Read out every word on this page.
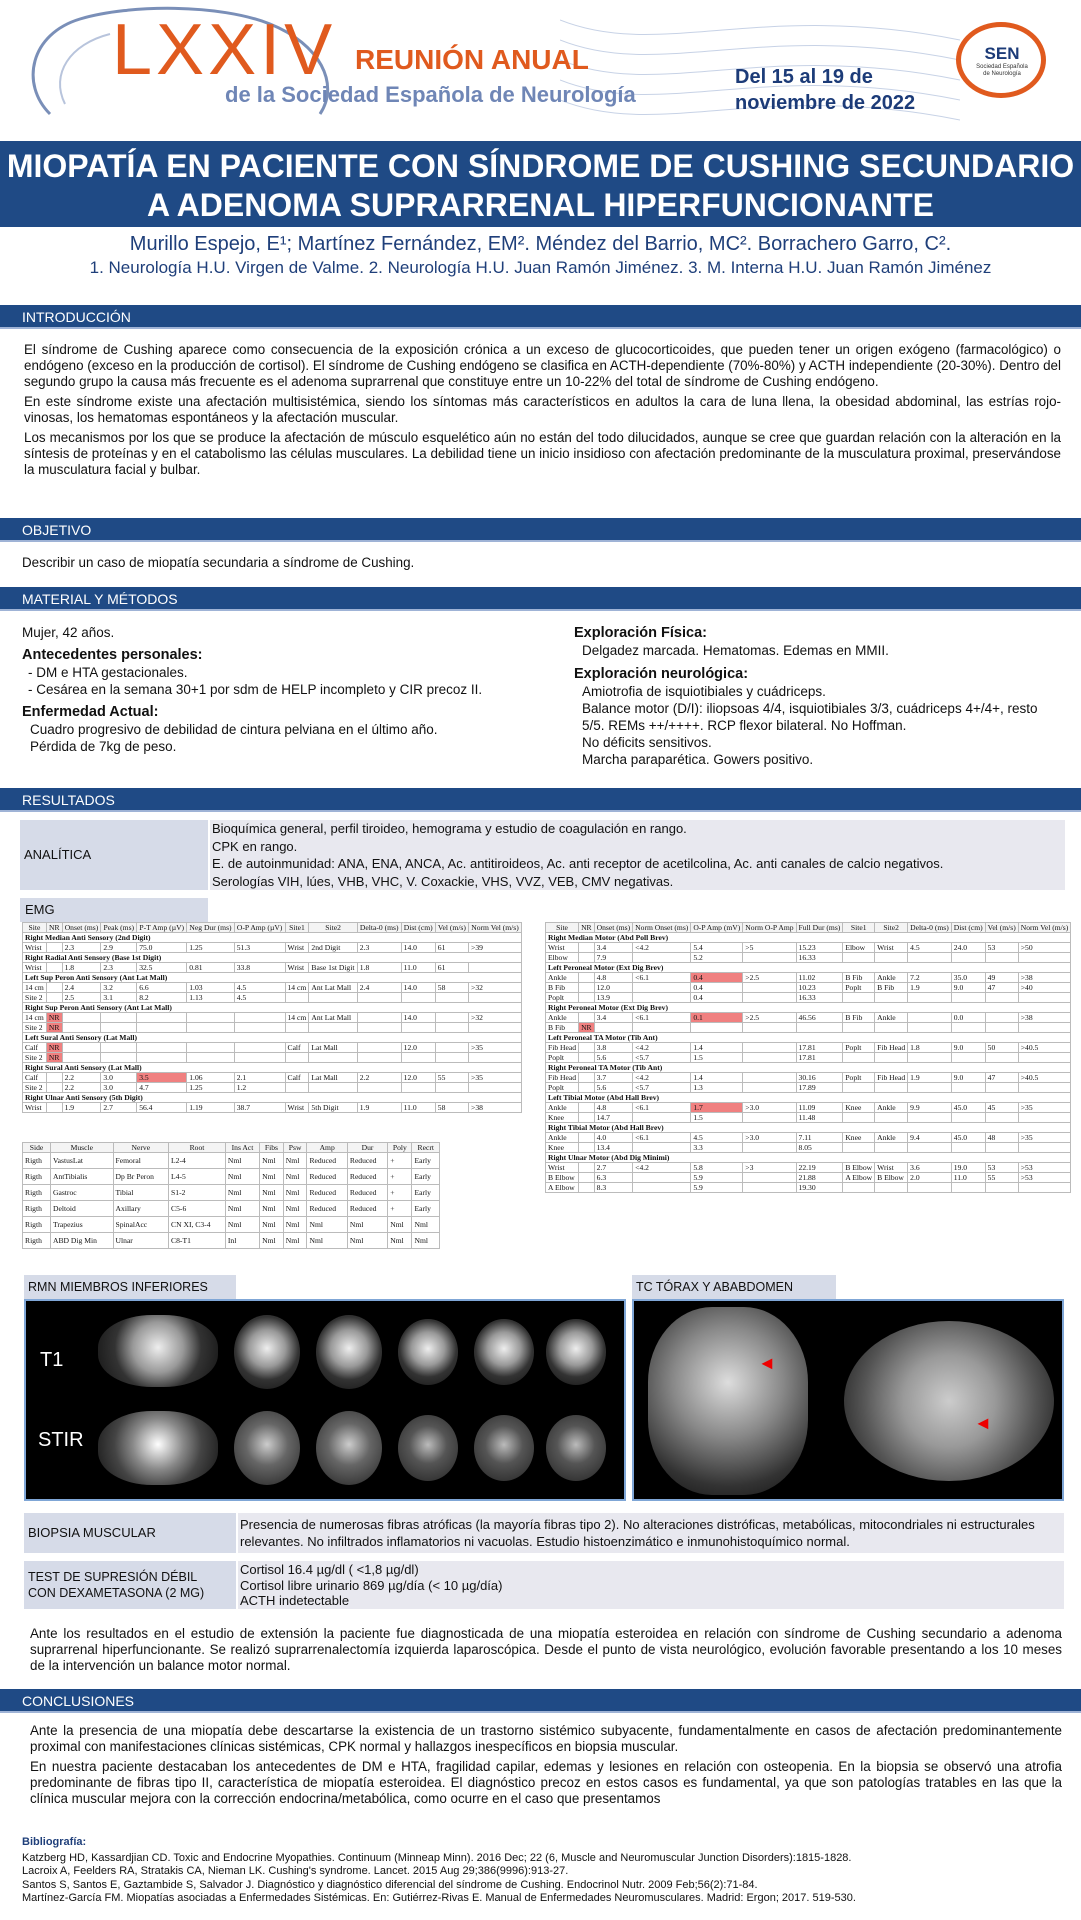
LXXIV REUNIÓN ANUAL
de la Sociedad Española de Neurología
Del 15 al 19 de
noviembre de 2022
SEN
Sociedad Española
de Neurología
MIOPATÍA EN PACIENTE CON SÍNDROME DE CUSHING SECUNDARIO
A ADENOMA SUPRARRENAL HIPERFUNCIONANTE
Murillo Espejo, E¹; Martínez Fernández, EM². Méndez del Barrio, MC². Borrachero Garro, C².
1. Neurología H.U. Virgen de Valme. 2. Neurología H.U. Juan Ramón Jiménez. 3. M. Interna H.U. Juan Ramón Jiménez
INTRODUCCIÓN

El síndrome de Cushing aparece como consecuencia de la exposición crónica a un exceso de glucocorticoides, que pueden tener un origen exógeno (farmacológico) o endógeno (exceso en la producción de cortisol). El síndrome de Cushing endógeno se clasifica en ACTH-dependiente (70%-80%) y ACTH independiente (20-30%). Dentro del segundo grupo la causa más frecuente es el adenoma suprarrenal que constituye entre un 10-22% del total de síndrome de Cushing endógeno.

En este síndrome existe una afectación multisistémica, siendo los síntomas más característicos en adultos la cara de luna llena, la obesidad abdominal, las estrías rojo-vinosas, los hematomas espontáneos y la afectación muscular.

Los mecanismos por los que se produce la afectación de músculo esquelético aún no están del todo dilucidados, aunque se cree que guardan relación con la alteración en la síntesis de proteínas y en el catabolismo las células musculares. La debilidad tiene un inicio insidioso con afectación predominante de la musculatura proximal, preservándose la musculatura facial y bulbar.

OBJETIVO
Describir un caso de miopatía secundaria a síndrome de Cushing.
MATERIAL Y MÉTODOS
Mujer, 42 años.
Antecedentes personales:
- DM e HTA gestacionales.
- Cesárea en la semana 30+1 por sdm de HELP incompleto y CIR precoz II.
Enfermedad Actual:
Cuadro progresivo de debilidad de cintura pelviana en el último año.
Pérdida de 7kg de peso.
Exploración Física:
Delgadez marcada. Hematomas. Edemas en MMII.
Exploración neurológica:
Amiotrofia de isquiotibiales y cuádriceps.
Balance motor (D/I): iliopsoas 4/4, isquiotibiales 3/3, cuádriceps 4+/4+, resto 5/5. REMs ++/++++. RCP flexor bilateral. No Hoffman.
No déficits sensitivos.
Marcha paraparética. Gowers positivo.
RESULTADOS
ANALÍTICA
Bioquímica general, perfil tiroideo, hemograma y estudio de coagulación en rango.
CPK en rango.
E. de autoinmunidad: ANA, ENA, ANCA, Ac. antitiroideos, Ac. anti receptor de acetilcolina, Ac. anti canales de calcio negativos.
Serologías VIH, lúes, VHB, VHC, V. Coxackie, VHS, VVZ, VEB, CMV negativas.
EMG
Site	NR	Onset (ms)	Peak (ms)	P-T Amp (µV)	Neg Dur (ms)	O-P Amp (µV)	Site1	Site2	Delta-0 (ms)	Dist (cm)	Vel (m/s)	Norm Vel (m/s)
Right Median Anti Sensory (2nd Digit)												
Wrist		2.3	2.9	75.0	1.25	51.3	Wrist	2nd Digit	2.3	14.0	61	>39
Right Radial Anti Sensory (Base 1st Digit)												
Wrist		1.8	2.3	32.5	0.81	33.8	Wrist	Base 1st Digit	1.8	11.0	61	
Left Sup Peron Anti Sensory (Ant Lat Mall)												
14 cm		2.4	3.2	6.6	1.03	4.5	14 cm	Ant Lat Mall	2.4	14.0	58	>32
Site 2		2.5	3.1	8.2	1.13	4.5						
Right Sup Peron Anti Sensory (Ant Lat Mall)												
14 cm	NR						14 cm	Ant Lat Mall		14.0		>32
Site 2	NR											
Left Sural Anti Sensory (Lat Mall)												
Calf	NR						Calf	Lat Mall		12.0		>35
Site 2	NR											
Right Sural Anti Sensory (Lat Mall)												
Calf		2.2	3.0	3.5	1.06	2.1	Calf	Lat Mall	2.2	12.0	55	>35
Site 2		2.2	3.0	4.7	1.25	1.2						
Right Ulnar Anti Sensory (5th Digit)												
Wrist		1.9	2.7	56.4	1.19	38.7	Wrist	5th Digit	1.9	11.0	58	>38
Side	Muscle	Nerve	Root	Ins Act	Fibs	Psw	Amp	Dur	Poly	Recrt
Rigth	VastusLat	Femoral	L2-4	Nml	Nml	Nml	Reduced	Reduced	+	Early
Rigth	AntTibialis	Dp Br Peron	L4-5	Nml	Nml	Nml	Reduced	Reduced	+	Early
Rigth	Gastroc	Tibial	S1-2	Nml	Nml	Nml	Reduced	Reduced	+	Early
Rigth	Deltoid	Axillary	C5-6	Nml	Nml	Nml	Reduced	Reduced	+	Early
Rigth	Trapezius	SpinalAcc	CN XI, C3-4	Nml	Nml	Nml	Nml	Nml	Nml	Nml
Rigth	ABD Dig Min	Ulnar	C8-T1	Inl	Nml	Nml	Nml	Nml	Nml	Nml
Site	NR	Onset (ms)	Norm Onset (ms)	O-P Amp (mV)	Norm O-P Amp	Full Dur (ms)	Site1	Site2	Delta-0 (ms)	Dist (cm)	Vel (m/s)	Norm Vel (m/s)
Right Median Motor (Abd Poll Brev)												
Wrist		3.4	<4.2	5.4	>5	15.23	Elbow	Wrist	4.5	24.0	53	>50
Elbow		7.9		5.2		16.33						
Left Peroneal Motor (Ext Dig Brev)												
Ankle		4.8	<6.1	0.4	>2.5	11.02	B Fib	Ankle	7.2	35.0	49	>38
B Fib		12.0		0.4		10.23	Poplt	B Fib	1.9	9.0	47	>40
Poplt		13.9		0.4		16.33						
Right Peroneal Motor (Ext Dig Brev)												
Ankle		3.4	<6.1	0.1	>2.5	46.56	B Fib	Ankle		0.0		>38
B Fib	NR											
Left Peroneal TA Motor (Tib Ant)												
Fib Head		3.8	<4.2	1.4		17.81	Poplt	Fib Head	1.8	9.0	50	>40.5
Poplt		5.6	<5.7	1.5		17.81						
Right Peroneal TA Motor (Tib Ant)												
Fib Head		3.7	<4.2	1.4		30.16	Poplt	Fib Head	1.9	9.0	47	>40.5
Poplt		5.6	<5.7	1.3		17.89						
Left Tibial Motor (Abd Hall Brev)												
Ankle		4.8	<6.1	1.7	>3.0	11.09	Knee	Ankle	9.9	45.0	45	>35
Knee		14.7		1.5		11.48						
Right Tibial Motor (Abd Hall Brev)												
Ankle		4.0	<6.1	4.5	>3.0	7.11	Knee	Ankle	9.4	45.0	48	>35
Knee		13.4		3.3		8.05						
Right Ulnar Motor (Abd Dig Minimi)												
Wrist		2.7	<4.2	5.8	>3	22.19	B Elbow	Wrist	3.6	19.0	53	>53
B Elbow		6.3		5.9		21.88	A Elbow	B Elbow	2.0	11.0	55	>53
A Elbow		8.3		5.9		19.30						
RMN MIEMBROS INFERIORES	TC TÓRAX Y ABABDOMEN
T1
STIR
◄
◄
BIOPSIA MUSCULAR
Presencia de numerosas fibras atróficas (la mayoría fibras tipo 2). No alteraciones distróficas, metabólicas, mitocondriales ni estructurales relevantes. No infiltrados inflamatorios ni vacuolas. Estudio histoenzimático e inmunohistoquímico normal.
TEST DE SUPRESIÓN DÉBIL
CON DEXAMETASONA (2 MG)
Cortisol 16.4 µg/dl ( <1,8 µg/dl)
Cortisol libre urinario 869 µg/día (< 10 µg/día)
ACTH indetectable
Ante los resultados en el estudio de extensión la paciente fue diagnosticada de una miopatía esteroidea en relación con síndrome de Cushing secundario a adenoma suprarrenal hiperfuncionante. Se realizó suprarrenalectomía izquierda laparoscópica. Desde el punto de vista neurológico, evolución favorable presentando a los 10 meses de la intervención un balance motor normal.
CONCLUSIONES

Ante la presencia de una miopatía debe descartarse la existencia de un trastorno sistémico subyacente, fundamentalmente en casos de afectación predominantemente proximal con manifestaciones clínicas sistémicas, CPK normal y hallazgos inespecíficos en biopsia muscular.

En nuestra paciente destacaban los antecedentes de DM e HTA, fragilidad capilar, edemas y lesiones en relación con osteopenia. En la biopsia se observó una atrofia predominante de fibras tipo II, característica de miopatía esteroidea. El diagnóstico precoz en estos casos es fundamental, ya que son patologías tratables en las que la clínica muscular mejora con la corrección endocrina/metabólica, como ocurre en el caso que presentamos

Bibliografía:
Katzberg HD, Kassardjian CD. Toxic and Endocrine Myopathies. Continuum (Minneap Minn). 2016 Dec; 22 (6, Muscle and Neuromuscular Junction Disorders):1815-1828.
Lacroix A, Feelders RA, Stratakis CA, Nieman LK. Cushing's syndrome. Lancet. 2015 Aug 29;386(9996):913-27.
Santos S, Santos E, Gaztambide S, Salvador J. Diagnóstico y diagnóstico diferencial del síndrome de Cushing. Endocrinol Nutr. 2009 Feb;56(2):71-84.
Martínez-García FM. Miopatías asociadas a Enfermedades Sistémicas. En: Gutiérrez-Rivas E. Manual de Enfermedades Neuromusculares. Madrid: Ergon; 2017. 519-530.
